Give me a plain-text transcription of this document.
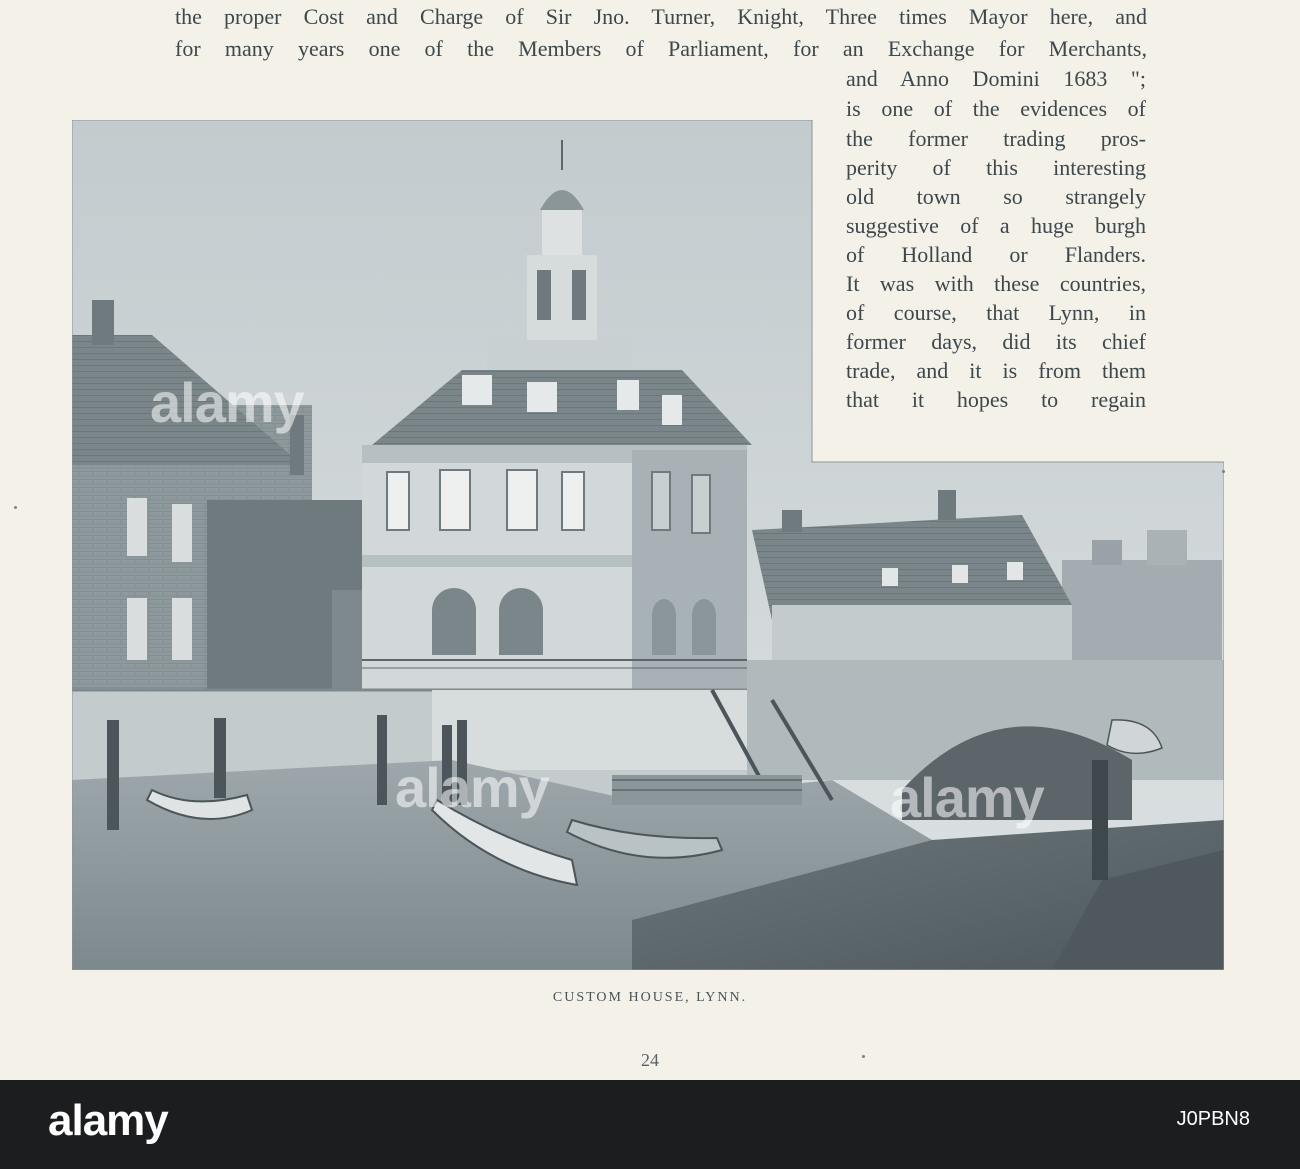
the proper Cost and Charge of Sir Jno. Turner, Knight, Three times Mayor here, and
for many years one of the Members of Parliament, for an Exchange for Merchants,
and Anno Domini 1683 ";
is one of the evidences of
the former trading pros-
perity of this interesting
old town so strangely
suggestive of a huge burgh
of Holland or Flanders.
It was with these countries,
of course, that Lynn, in
former days, did its chief
trade, and it is from them
that it hopes to regain
CUSTOM HOUSE, LYNN.
24
alamy
alamy	alamy
alamy	J0PBN8
